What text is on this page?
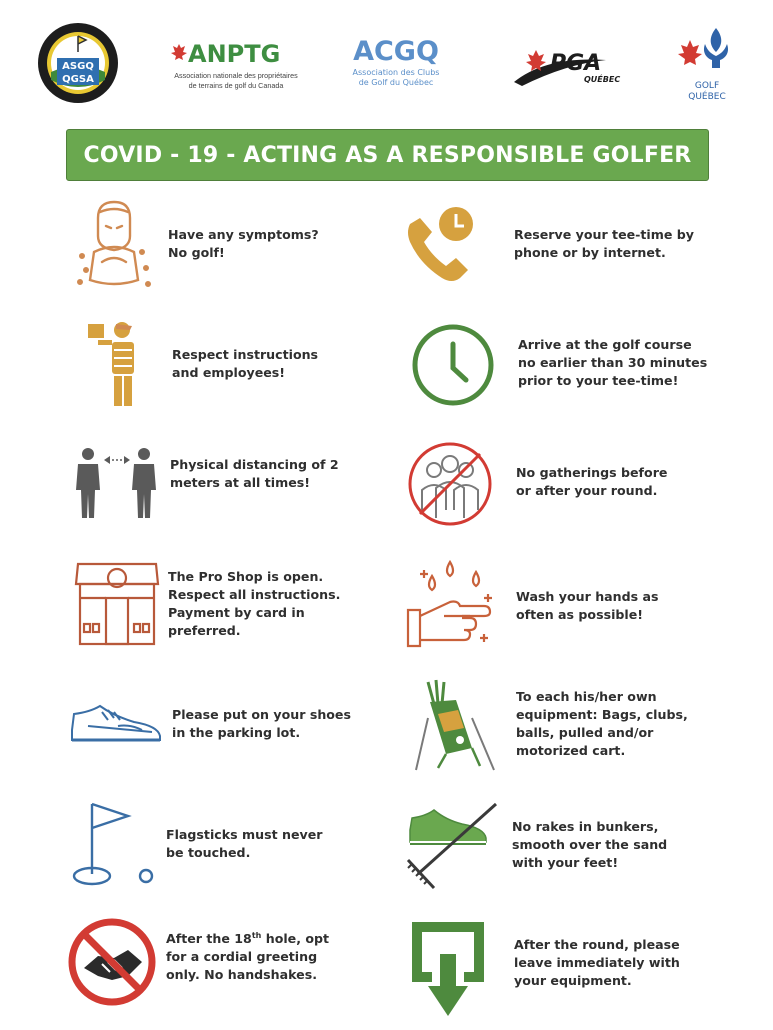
ASGQ
QGSA
ANPTG
Association nationale des propriétaires
de terrains de golf du Canada
ACGQ
Association des Clubs
de Golf du Québec
PGA
QUÉBEC
GOLF
QUÉBEC
COVID - 19 - ACTING AS A RESPONSIBLE GOLFER
Have any symptoms?
No golf!
Respect instructions
and employees!
Physical distancing of 2
meters at all times!
The Pro Shop is open.
Respect all instructions.
Payment by card in
preferred.
Please put on your shoes
in the parking lot.
Flagsticks must never
be touched.
After the 18th hole, opt
for a cordial greeting
only. No handshakes.
Reserve your tee-time by
phone or by internet.
Arrive at the golf course
no earlier than 30 minutes
prior to your tee-time!
No gatherings before
or after your round.
Wash your hands as
often as possible!
To each his/her own
equipment: Bags, clubs,
balls, pulled and/or
motorized cart.
No rakes in bunkers,
smooth over the sand
with your feet!
After the round, please
leave immediately with
your equipment.
